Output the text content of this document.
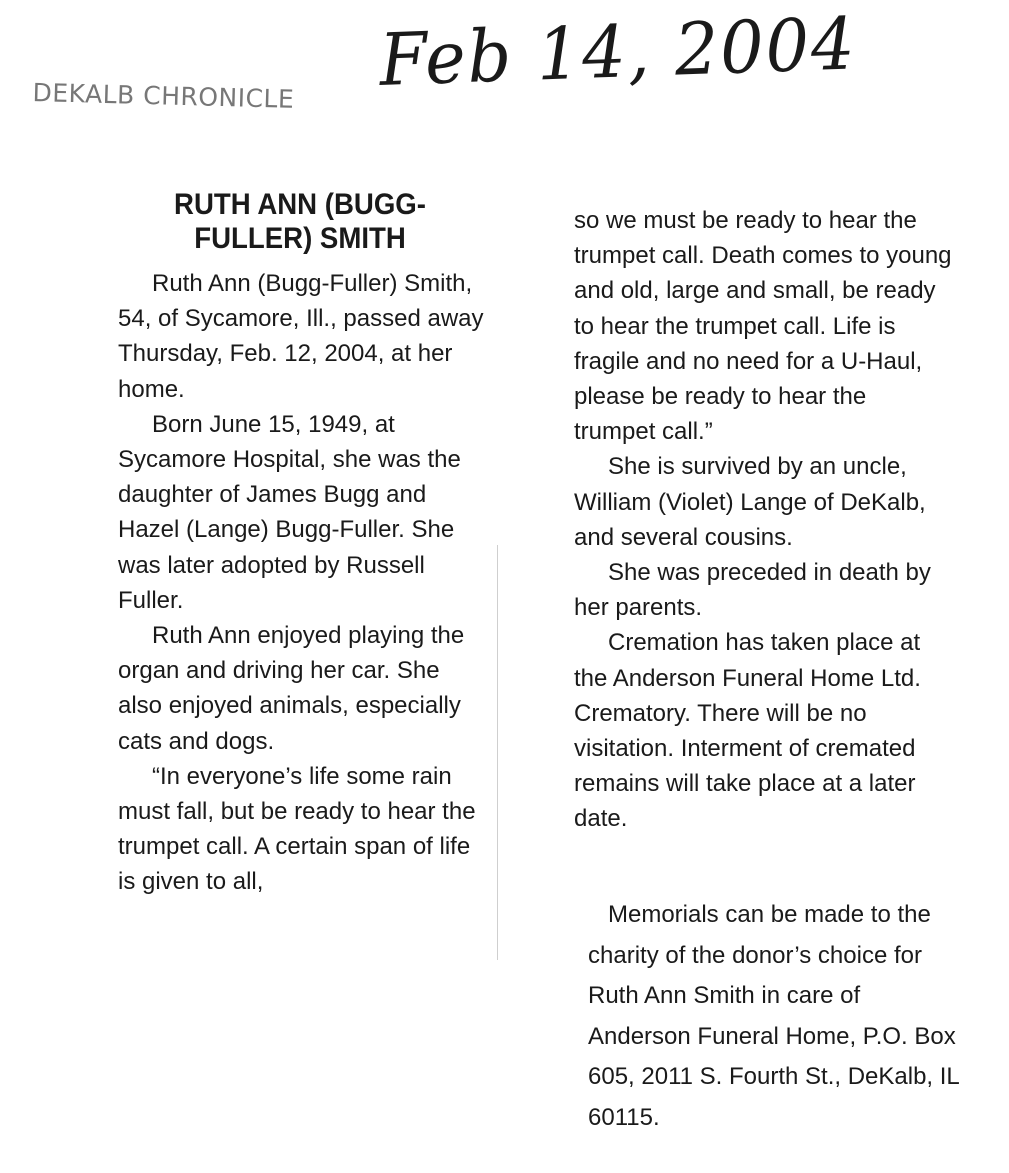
DEKALB CHRONICLE Feb 14, 2004
RUTH ANN (BUGG-FULLER) SMITH

Ruth Ann (Bugg-Fuller) Smith, 54, of Sycamore, Ill., passed away Thursday, Feb. 12, 2004, at her home.

Born June 15, 1949, at Sycamore Hospital, she was the daughter of James Bugg and Hazel (Lange) Bugg-Fuller. She was later adopted by Russell Fuller.

Ruth Ann enjoyed playing the organ and driving her car. She also enjoyed animals, especially cats and dogs.

“In everyone’s life some rain must fall, but be ready to hear the trumpet call. A certain span of life is given to all,

so we must be ready to hear the trumpet call. Death comes to young and old, large and small, be ready to hear the trumpet call. Life is fragile and no need for a U-Haul, please be ready to hear the trumpet call.”

She is survived by an uncle, William (Violet) Lange of DeKalb, and several cousins.

She was preceded in death by her parents.

Cremation has taken place at the Anderson Funeral Home Ltd. Crematory. There will be no visitation. Interment of cremated remains will take place at a later date.

Memorials can be made to the charity of the donor’s choice for Ruth Ann Smith in care of Anderson Funeral Home, P.O. Box 605, 2011 S. Fourth St., DeKalb, IL 60115.
